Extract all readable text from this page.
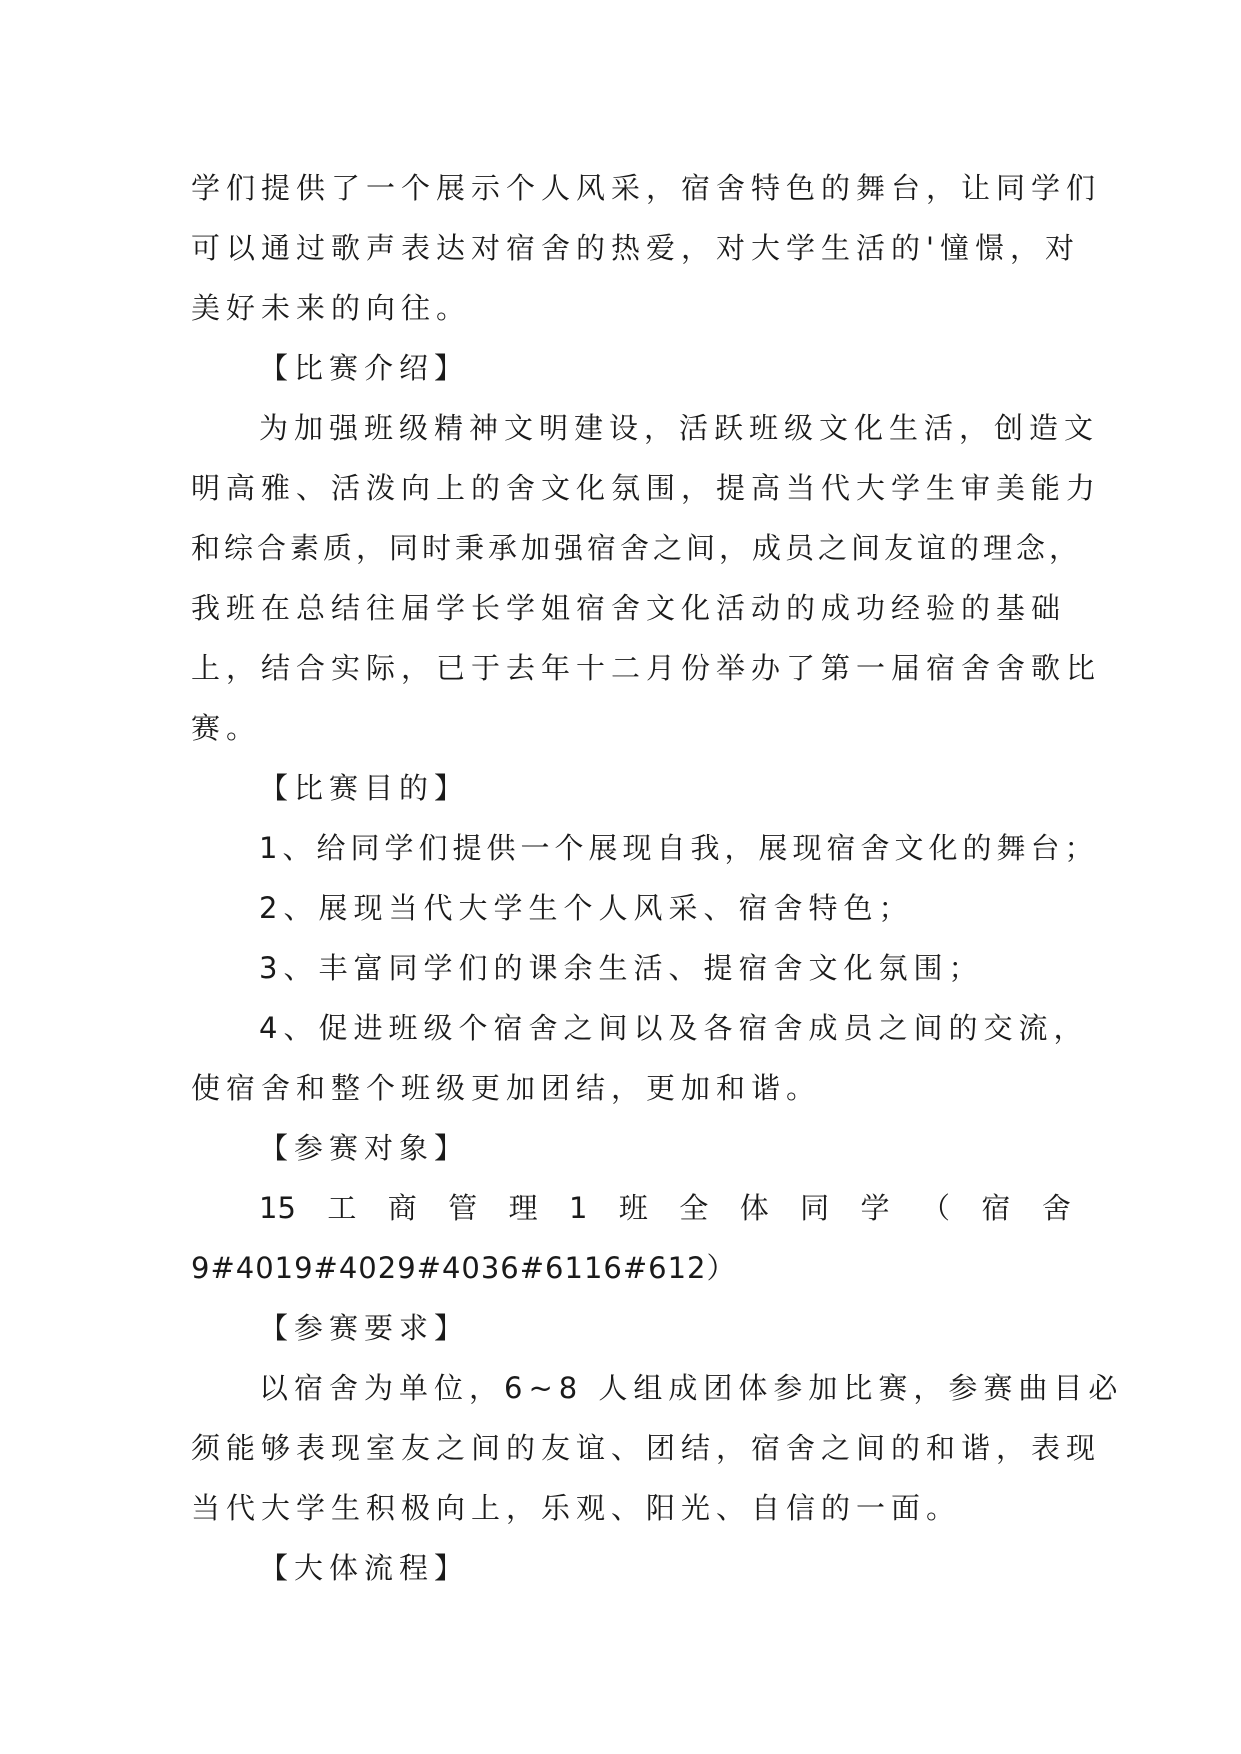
学们提供了一个展示个人风采，宿舍特色的舞台，让同学们
可以通过歌声表达对宿舍的热爱，对大学生活的'憧憬，对
美好未来的向往。
【比赛介绍】
为加强班级精神文明建设，活跃班级文化生活，创造文
明高雅、活泼向上的舍文化氛围，提高当代大学生审美能力
和综合素质，同时秉承加强宿舍之间，成员之间友谊的理念，
我班在总结往届学长学姐宿舍文化活动的成功经验的基础
上，结合实际，已于去年十二月份举办了第一届宿舍舍歌比
赛。
【比赛目的】
1、给同学们提供一个展现自我，展现宿舍文化的舞台；
2、展现当代大学生个人风采、宿舍特色；
3、丰富同学们的课余生活、提宿舍文化氛围；
4、促进班级个宿舍之间以及各宿舍成员之间的交流，
使宿舍和整个班级更加团结，更加和谐。
【参赛对象】
15 工 商 管 理 1 班 全 体 同 学 （ 宿 舍
9#4019#4029#4036#6116#612）
【参赛要求】
以宿舍为单位，6~8 人组成团体参加比赛，参赛曲目必
须能够表现室友之间的友谊、团结，宿舍之间的和谐，表现
当代大学生积极向上，乐观、阳光、自信的一面。
【大体流程】
